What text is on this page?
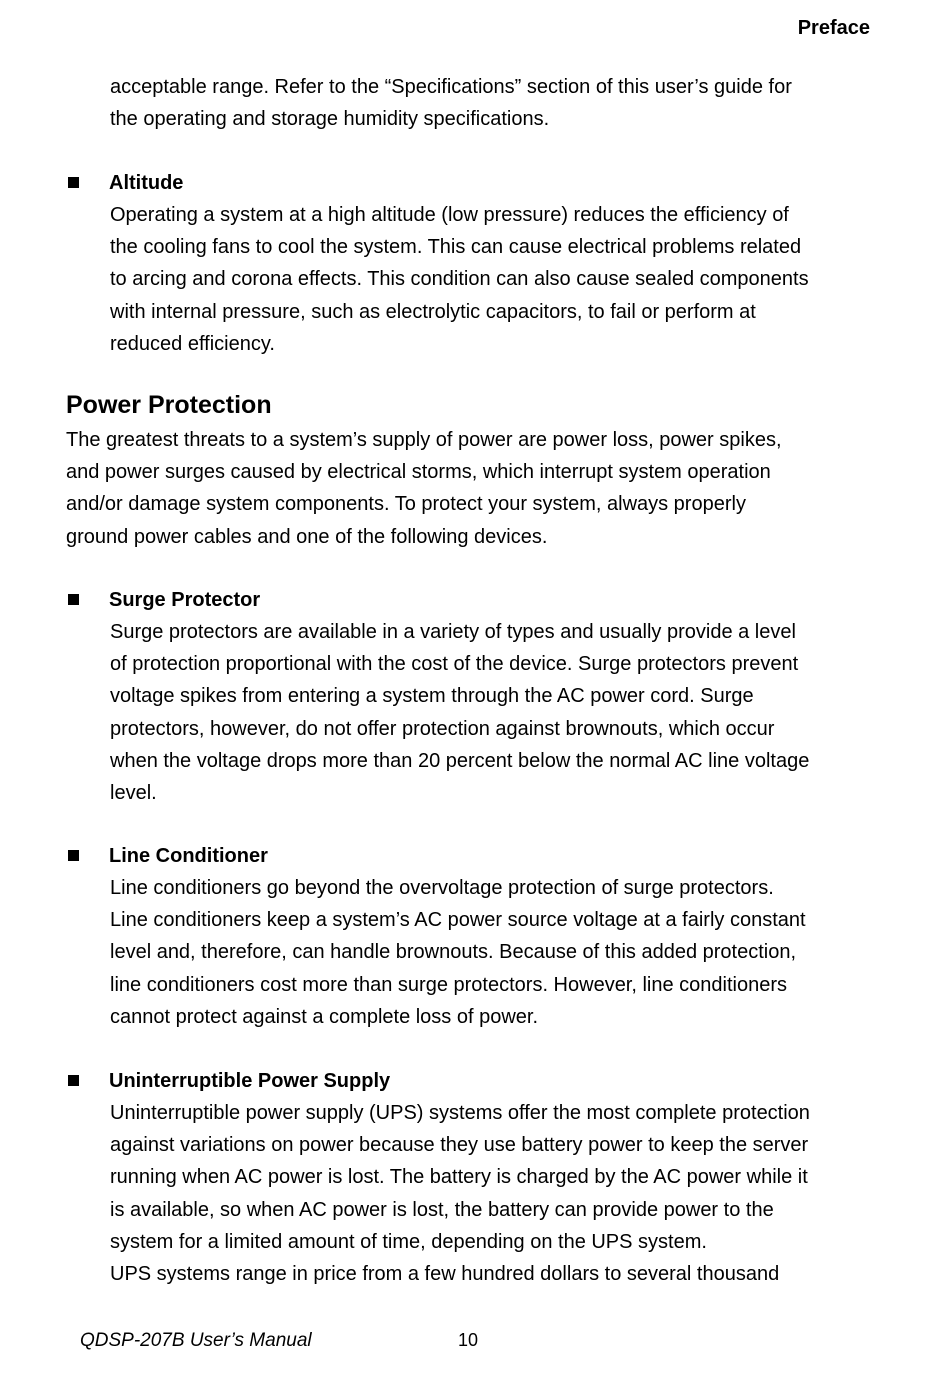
Preface
acceptable range. Refer to the “Specifications” section of this user’s guide for
the operating and storage humidity specifications.
Altitude
Operating a system at a high altitude (low pressure) reduces the efficiency of
the cooling fans to cool the system. This can cause electrical problems related
to arcing and corona effects. This condition can also cause sealed components
with internal pressure, such as electrolytic capacitors, to fail or perform at
reduced efficiency.
Power Protection
The greatest threats to a system’s supply of power are power loss, power spikes,
and power surges caused by electrical storms, which interrupt system operation
and/or damage system components. To protect your system, always properly
ground power cables and one of the following devices.
Surge Protector
Surge protectors are available in a variety of types and usually provide a level
of protection proportional with the cost of the device. Surge protectors prevent
voltage spikes from entering a system through the AC power cord. Surge
protectors, however, do not offer protection against brownouts, which occur
when the voltage drops more than 20 percent below the normal AC line voltage
level.
Line Conditioner
Line conditioners go beyond the overvoltage protection of surge protectors.
Line conditioners keep a system’s AC power source voltage at a fairly constant
level and, therefore, can handle brownouts. Because of this added protection,
line conditioners cost more than surge protectors. However, line conditioners
cannot protect against a complete loss of power.
Uninterruptible Power Supply
Uninterruptible power supply (UPS) systems offer the most complete protection
against variations on power because they use battery power to keep the server
running when AC power is lost. The battery is charged by the AC power while it
is available, so when AC power is lost, the battery can provide power to the
system for a limited amount of time, depending on the UPS system.
UPS systems range in price from a few hundred dollars to several thousand
QDSP-207B User’s Manual	10
